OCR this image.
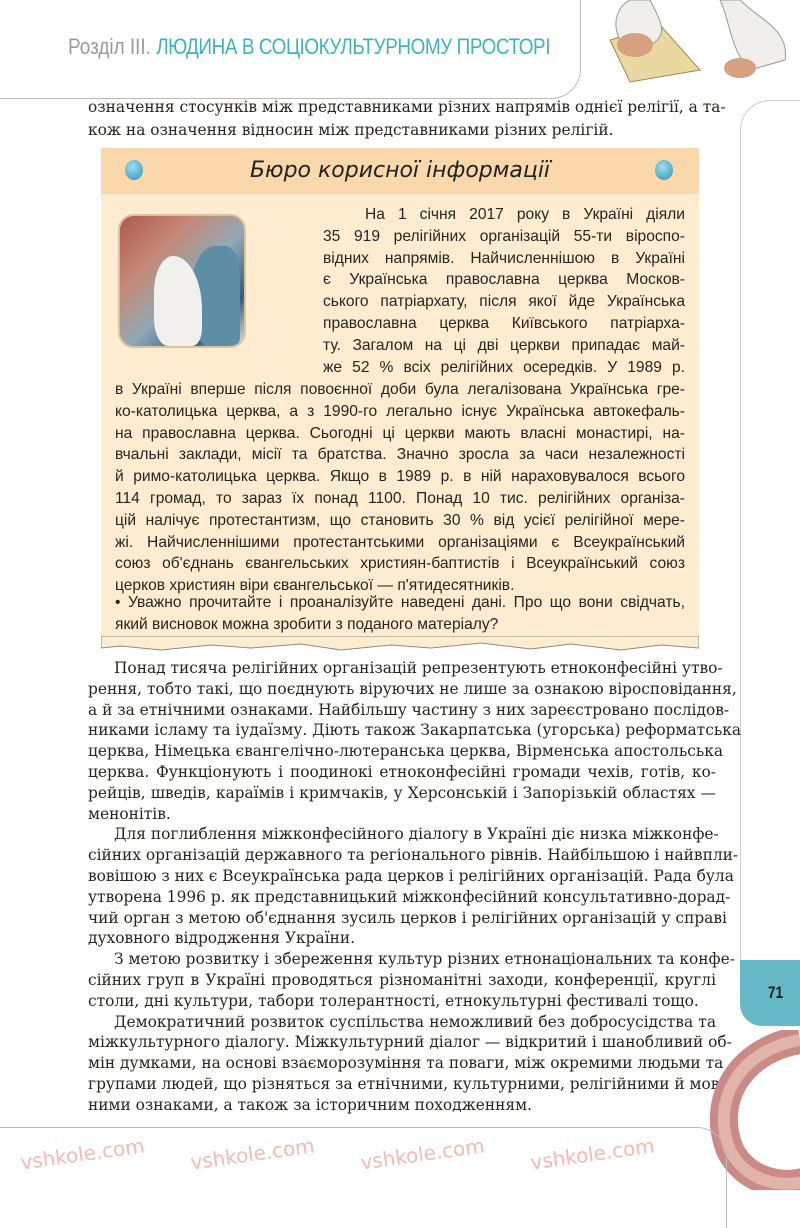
Розділ ІІІ. ЛЮДИНА В СОЦІОКУЛЬТУРНОМУ ПРОСТОРІ
означення стосунків між представниками різних напрямів однієї релігії, а та-
кож на означення відносин між представниками різних релігій.
Бюро корисної інформації
На 1 січня 2017 року в Україні діяли
35 919 релігійних організацій 55-ти віроспо-
відних напрямів. Найчисленнішою в Україні
є Українська православна церква Москов-
ського патріархату, після якої йде Українська
православна церква Київського патріарха-
ту. Загалом на ці дві церкви припадає май-
же 52 % всіх релігійних осередків. У 1989 р.
в Україні вперше після повоєнної доби була легалізована Українська гре-
ко-католицька церква, а з 1990-го легально існує Українська автокефаль-
на православна церква. Сьогодні ці церкви мають власні монастирі, на-
вчальні заклади, місії та братства. Значно зросла за часи незалежності
й римо-католицька церква. Якщо в 1989 р. в ній нараховувалося всього
114 громад, то зараз їх понад 1100. Понад 10 тис. релігійних організа-
цій налічує протестантизм, що становить 30 % від усієї релігійної мере-
жі. Найчисленнішими протестантськими організаціями є Всеукраїнський
союз об'єднань євангельських християн-баптистів і Всеукраїнський союз
церков християн віри євангельської — п'ятидесятників.
• Уважно прочитайте і проаналізуйте наведені дані. Про що вони свідчать,
який висновок можна зробити з поданого матеріалу?
Понад тисяча релігійних організацій репрезентують етноконфесійні утво-
рення, тобто такі, що поєднують віруючих не лише за ознакою віросповідання,
а й за етнічними ознаками. Найбільшу частину з них зареєстровано послідов-
никами ісламу та іудаїзму. Діють також Закарпатська (угорська) реформатська
церква, Німецька євангелічно-лютеранська церква, Вірменська апостольська
церква. Функціонують і поодинокі етноконфесійні громади чехів, готів, ко-
рейців, шведів, караїмів і кримчаків, у Херсонській і Запорізькій областях —
менонітів.
Для поглиблення міжконфесійного діалогу в Україні діє низка міжконфе-
сійних організацій державного та регіонального рівнів. Найбільшою і найвпли-
вовішою з них є Всеукраїнська рада церков і релігійних організацій. Рада була
утворена 1996 р. як представницький міжконфесійний консультативно-дорад-
чий орган з метою об'єднання зусиль церков і релігійних організацій у справі
духовного відродження України.
З метою розвитку і збереження культур різних етнонаціональних та конфе-
сійних груп в Україні проводяться різноманітні заходи, конференції, круглі
столи, дні культури, табори толерантності, етнокультурні фестивалі тощо.
Демократичний розвиток суспільства неможливий без добросусідства та
міжкультурного діалогу. Міжкультурний діалог — відкритий і шанобливий об-
мін думками, на основі взаєморозуміння та поваги, між окремими людьми та
групами людей, що різняться за етнічними, культурними, релігійними й мов-
ними ознаками, а також за історичним походженням.
71
vshkole.com vshkole.com vshkole.com vshkole.com
